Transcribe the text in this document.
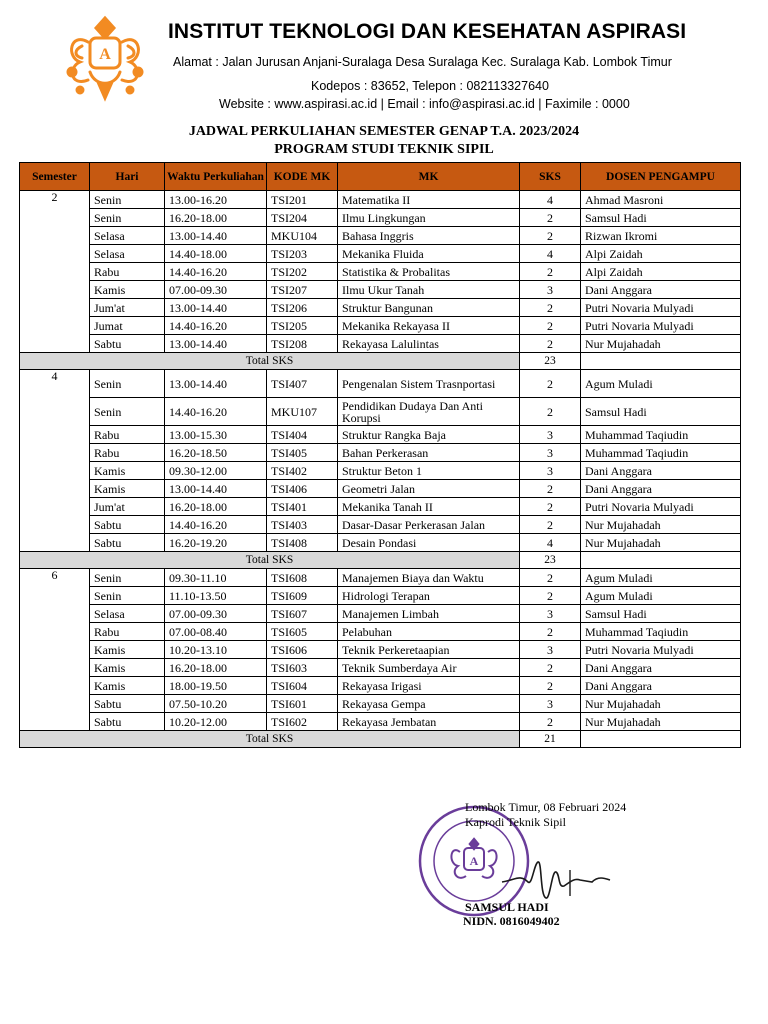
A
INSTITUT TEKNOLOGI DAN KESEHATAN ASPIRASI
Alamat : Jalan Jurusan Anjani-Suralaga Desa Suralaga Kec. Suralaga Kab. Lombok Timur
Kodepos : 83652, Telepon : 082113327640
Website : www.aspirasi.ac.id | Email : info@aspirasi.ac.id | Faximile : 0000
JADWAL PERKULIAHAN SEMESTER GENAP T.A. 2023/2024
PROGRAM STUDI TEKNIK SIPIL
Semester	Hari	Waktu Perkuliahan	KODE MK	MK	SKS	DOSEN PENGAMPU
2	Senin	13.00-16.20	TSI201	Matematika II	4	Ahmad Masroni
	Senin	16.20-18.00	TSI204	Ilmu Lingkungan	2	Samsul Hadi
	Selasa	13.00-14.40	MKU104	Bahasa Inggris	2	Rizwan Ikromi
	Selasa	14.40-18.00	TSI203	Mekanika Fluida	4	Alpi Zaidah
	Rabu	14.40-16.20	TSI202	Statistika & Probalitas	2	Alpi Zaidah
	Kamis	07.00-09.30	TSI207	Ilmu Ukur Tanah	3	Dani Anggara
	Jum'at	13.00-14.40	TSI206	Struktur Bangunan	2	Putri Novaria Mulyadi
	Jumat	14.40-16.20	TSI205	Mekanika Rekayasa II	2	Putri Novaria Mulyadi
	Sabtu	13.00-14.40	TSI208	Rekayasa Lalulintas	2	Nur Mujahadah
Total SKS					23	
4	Senin	13.00-14.40	TSI407	Pengenalan Sistem Trasnportasi	2	Agum Muladi
	Senin	14.40-16.20	MKU107	Pendidikan Dudaya Dan Anti Korupsi	2	Samsul Hadi
	Rabu	13.00-15.30	TSI404	Struktur Rangka Baja	3	Muhammad Taqiudin
	Rabu	16.20-18.50	TSI405	Bahan Perkerasan	3	Muhammad Taqiudin
	Kamis	09.30-12.00	TSI402	Struktur Beton 1	3	Dani Anggara
	Kamis	13.00-14.40	TSI406	Geometri Jalan	2	Dani Anggara
	Jum'at	16.20-18.00	TSI401	Mekanika Tanah II	2	Putri Novaria Mulyadi
	Sabtu	14.40-16.20	TSI403	Dasar-Dasar Perkerasan Jalan	2	Nur Mujahadah
	Sabtu	16.20-19.20	TSI408	Desain Pondasi	4	Nur Mujahadah
Total SKS					23	
6	Senin	09.30-11.10	TSI608	Manajemen Biaya dan Waktu	2	Agum Muladi
	Senin	11.10-13.50	TSI609	Hidrologi Terapan	2	Agum Muladi
	Selasa	07.00-09.30	TSI607	Manajemen Limbah	3	Samsul Hadi
	Rabu	07.00-08.40	TSI605	Pelabuhan	2	Muhammad Taqiudin
	Kamis	10.20-13.10	TSI606	Teknik Perkeretaapian	3	Putri Novaria Mulyadi
	Kamis	16.20-18.00	TSI603	Teknik Sumberdaya Air	2	Dani Anggara
	Kamis	18.00-19.50	TSI604	Rekayasa Irigasi	2	Dani Anggara
	Sabtu	07.50-10.20	TSI601	Rekayasa Gempa	3	Nur Mujahadah
	Sabtu	10.20-12.00	TSI602	Rekayasa Jembatan	2	Nur Mujahadah
Total SKS					21	
A
Lombok Timur, 08 Februari 2024
Kaprodi Teknik Sipil
SAMSUL HADI
NIDN. 0816049402
